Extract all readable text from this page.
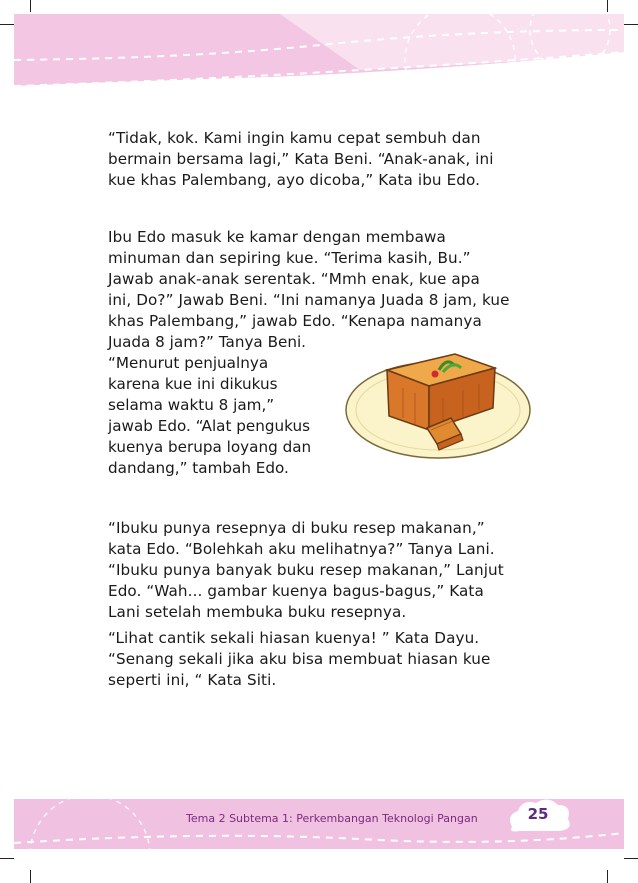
“Tidak, kok. Kami ingin kamu cepat sembuh dan
bermain bersama lagi,” Kata Beni. “Anak-anak, ini
kue khas Palembang, ayo dicoba,” Kata ibu Edo.

Ibu Edo masuk ke kamar dengan membawa
minuman dan sepiring kue. “Terima kasih, Bu.”
Jawab anak-anak serentak. “Mmh enak, kue apa
ini, Do?” Jawab Beni. “Ini namanya Juada 8 jam, kue
khas Palembang,” jawab Edo. “Kenapa namanya

Juada 8 jam?” Tanya Beni.
“Menurut penjualnya
karena kue ini dikukus
selama waktu 8 jam,”
jawab Edo. “Alat pengukus
kuenya berupa loyang dan
dandang,” tambah Edo.

“Ibuku punya resepnya di buku resep makanan,”
kata Edo. “Bolehkah aku melihatnya?” Tanya Lani.
“Ibuku punya banyak buku resep makanan,” Lanjut
Edo. “Wah... gambar kuenya bagus-bagus,” Kata
Lani setelah membuka buku resepnya.

“Lihat cantik sekali hiasan kuenya! ” Kata Dayu.
“Senang sekali jika aku bisa membuat hiasan kue
seperti ini, “ Kata Siti.

Tema 2 Subtema 1: Perkembangan Teknologi Pangan	25
